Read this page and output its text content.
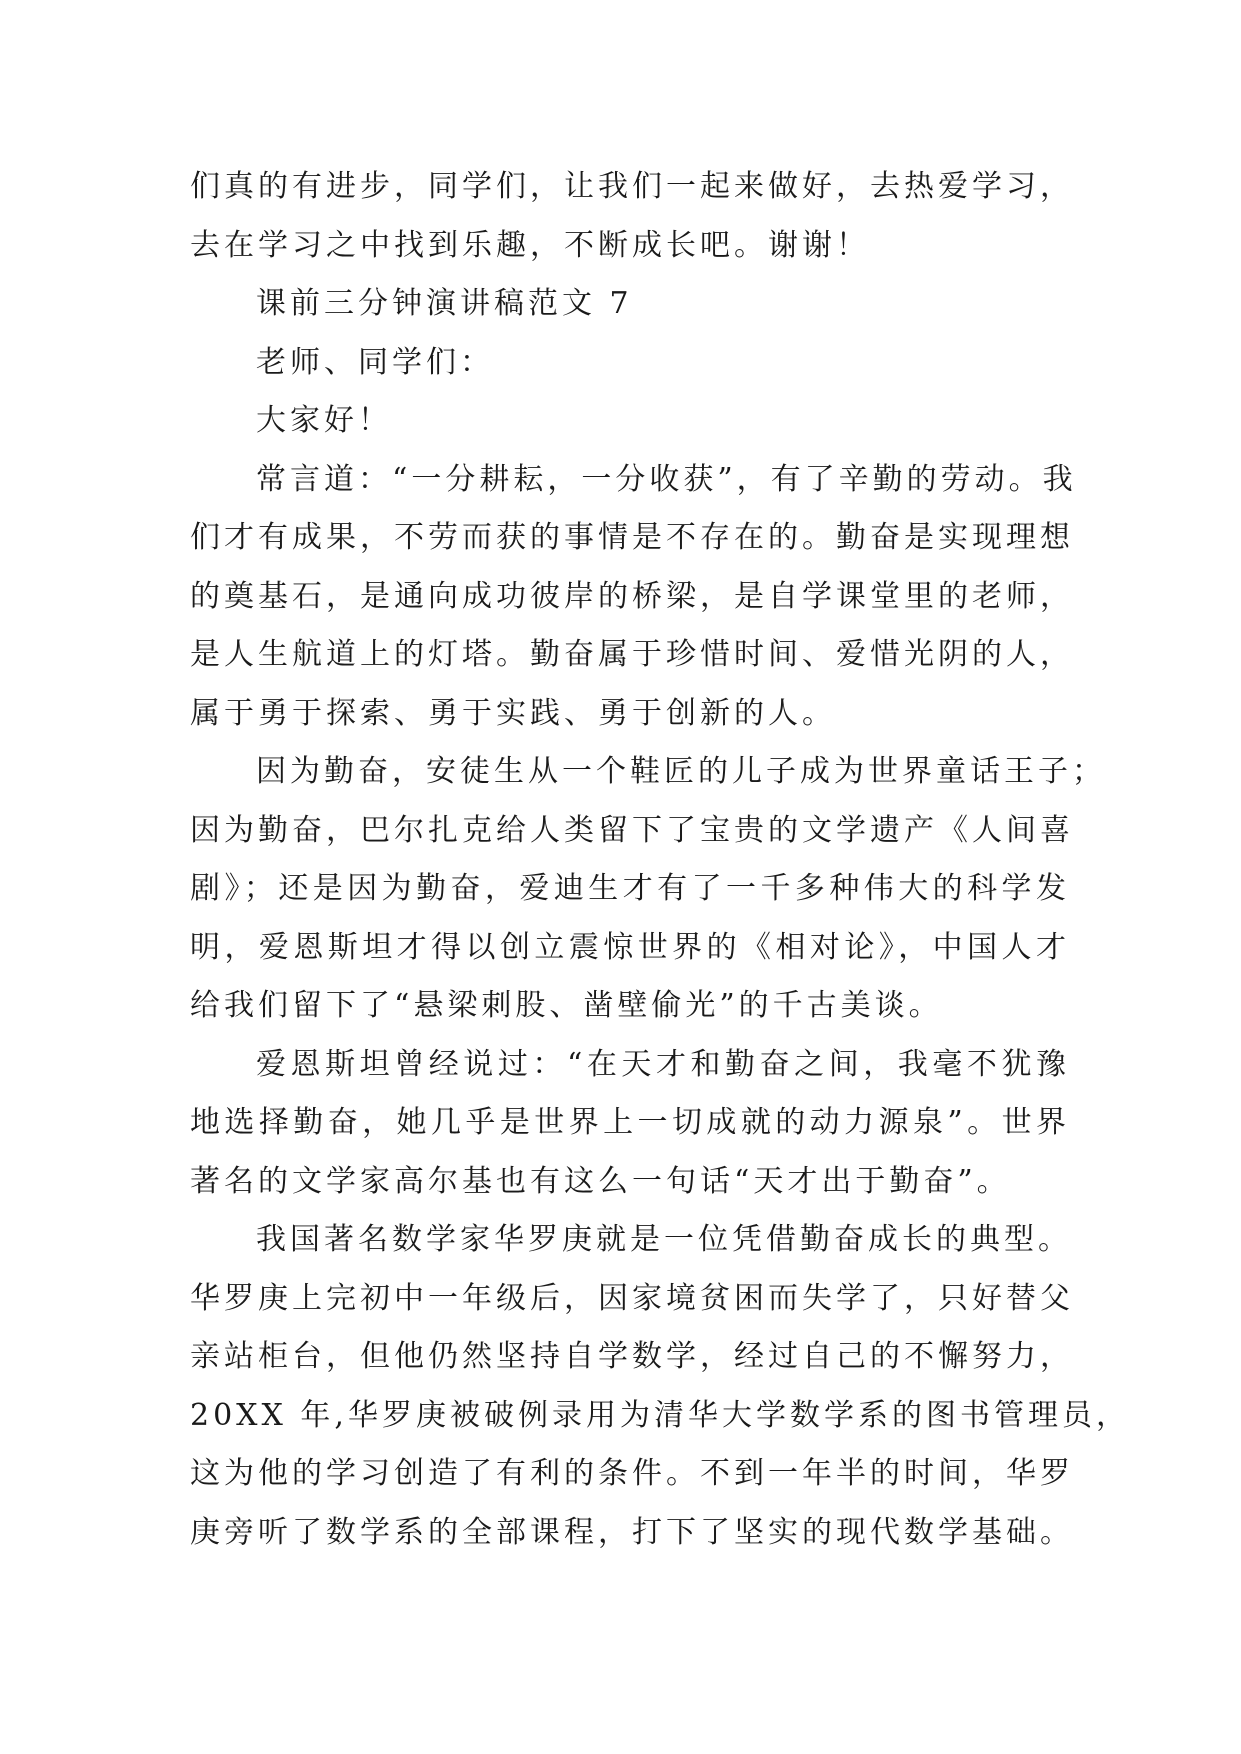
们真的有进步，同学们，让我们一起来做好，去热爱学习，
去在学习之中找到乐趣，不断成长吧。谢谢！
课前三分钟演讲稿范文 7
老师、同学们：
大家好！
常言道：“一分耕耘，一分收获”，有了辛勤的劳动。我
们才有成果，不劳而获的事情是不存在的。勤奋是实现理想
的奠基石，是通向成功彼岸的桥梁，是自学课堂里的老师，
是人生航道上的灯塔。勤奋属于珍惜时间、爱惜光阴的人，
属于勇于探索、勇于实践、勇于创新的人。
因为勤奋，安徒生从一个鞋匠的儿子成为世界童话王子；
因为勤奋，巴尔扎克给人类留下了宝贵的文学遗产《人间喜
剧》；还是因为勤奋，爱迪生才有了一千多种伟大的科学发
明，爱恩斯坦才得以创立震惊世界的《相对论》，中国人才
给我们留下了“悬梁刺股、凿壁偷光”的千古美谈。
爱恩斯坦曾经说过：“在天才和勤奋之间，我毫不犹豫
地选择勤奋，她几乎是世界上一切成就的动力源泉”。世界
著名的文学家高尔基也有这么一句话“天才出于勤奋”。
我国著名数学家华罗庚就是一位凭借勤奋成长的典型。
华罗庚上完初中一年级后，因家境贫困而失学了，只好替父
亲站柜台，但他仍然坚持自学数学，经过自己的不懈努力，
20XX 年,华罗庚被破例录用为清华大学数学系的图书管理员，
这为他的学习创造了有利的条件。不到一年半的时间，华罗
庚旁听了数学系的全部课程，打下了坚实的现代数学基础。
